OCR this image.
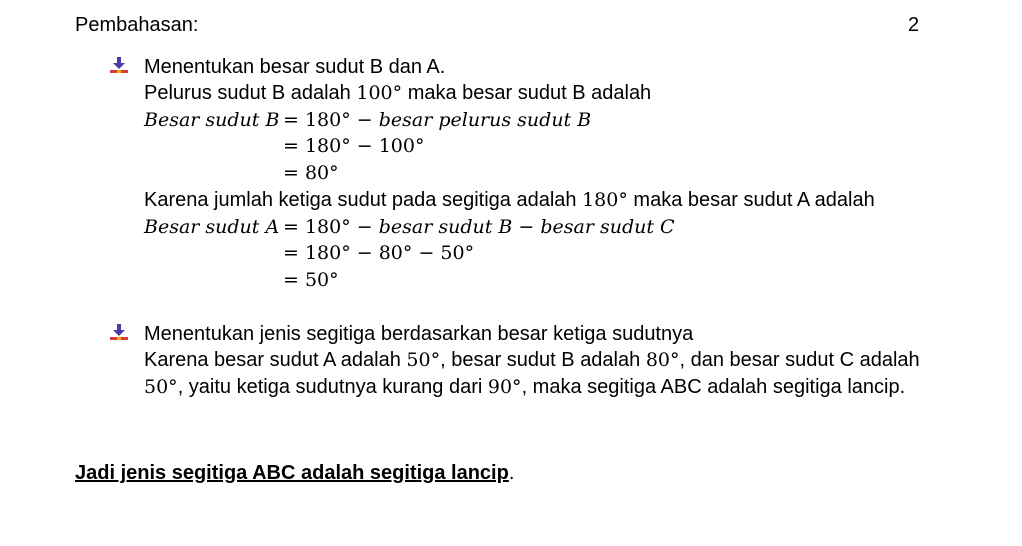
Pembahasan:	2
Menentukan besar sudut B dan A.
Pelurus sudut B adalah 100° maka besar sudut B adalah
Besar sudut B = 180° − besar pelurus sudut B
= 180° − 100°
= 80°
Karena jumlah ketiga sudut pada segitiga adalah 180° maka besar sudut A adalah
Besar sudut A = 180° − besar sudut B − besar sudut C
= 180° − 80° − 50°
= 50°
Menentukan jenis segitiga berdasarkan besar ketiga sudutnya
Karena besar sudut A adalah 50°, besar sudut B adalah 80°, dan besar sudut C adalah
50°, yaitu ketiga sudutnya kurang dari 90°, maka segitiga ABC adalah segitiga lancip.
Jadi jenis segitiga ABC adalah segitiga lancip.
